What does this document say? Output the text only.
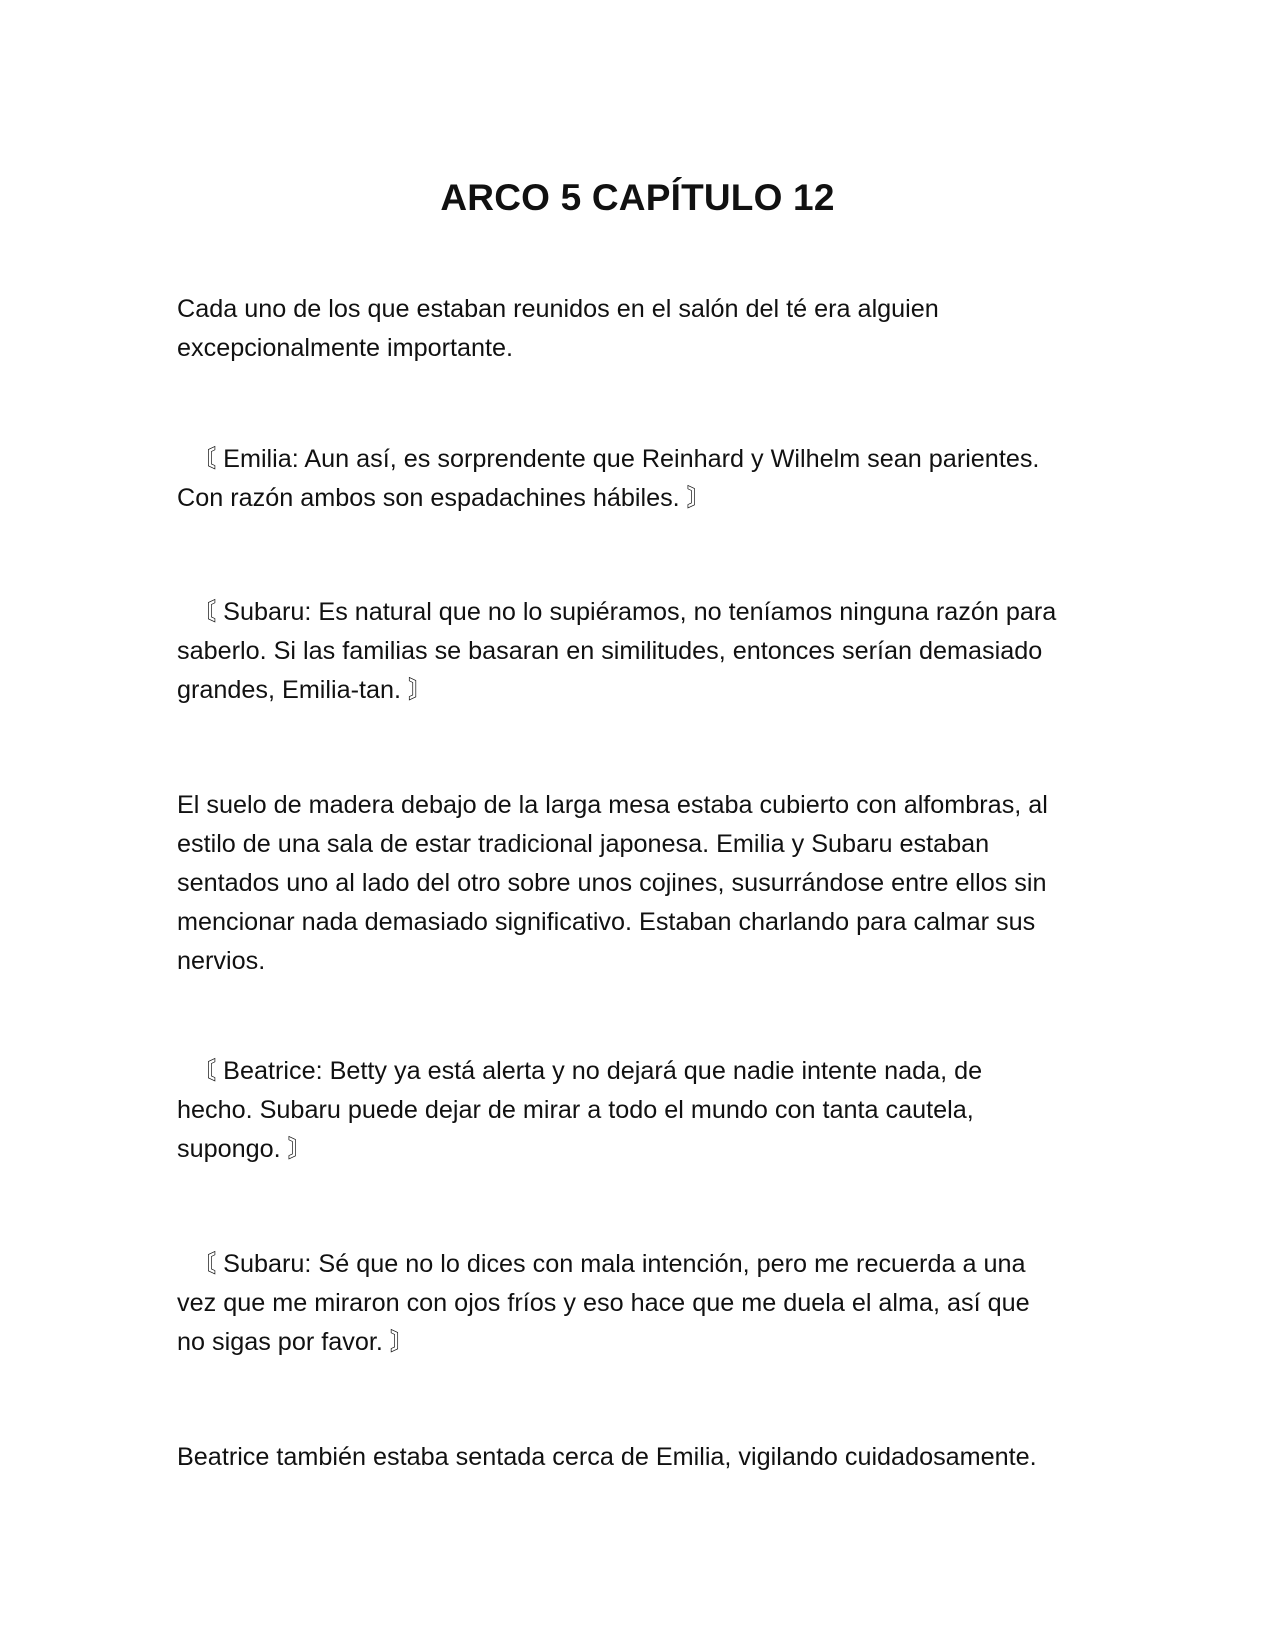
ARCO 5 CAPÍTULO 12

Cada uno de los que estaban reunidos en el salón del té era alguien
excepcionalmente importante.

〘 Emilia: Aun así, es sorprendente que Reinhard y Wilhelm sean parientes.
Con razón ambos son espadachines hábiles. 〙

〘 Subaru: Es natural que no lo supiéramos, no teníamos ninguna razón para
saberlo. Si las familias se basaran en similitudes, entonces serían demasiado
grandes, Emilia-tan. 〙

El suelo de madera debajo de la larga mesa estaba cubierto con alfombras, al
estilo de una sala de estar tradicional japonesa. Emilia y Subaru estaban
sentados uno al lado del otro sobre unos cojines, susurrándose entre ellos sin
mencionar nada demasiado significativo. Estaban charlando para calmar sus
nervios.

〘 Beatrice: Betty ya está alerta y no dejará que nadie intente nada, de
hecho. Subaru puede dejar de mirar a todo el mundo con tanta cautela,
supongo. 〙

〘 Subaru: Sé que no lo dices con mala intención, pero me recuerda a una
vez que me miraron con ojos fríos y eso hace que me duela el alma, así que
no sigas por favor. 〙

Beatrice también estaba sentada cerca de Emilia, vigilando cuidadosamente.
